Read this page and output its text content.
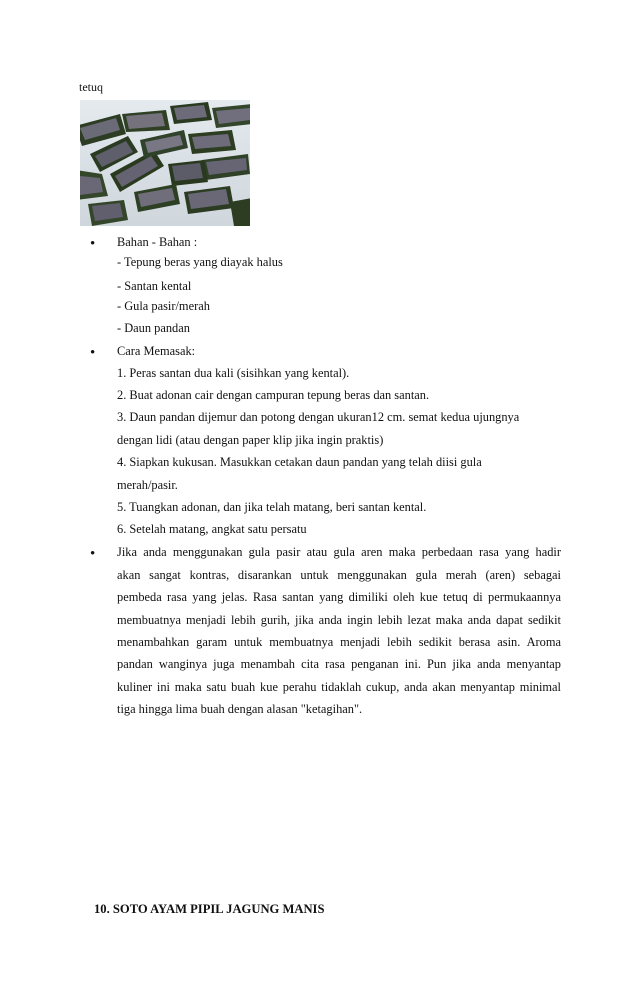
tetuq
• Bahan - Bahan :
- Tepung beras yang diayak halus
- Santan kental
- Gula pasir/merah
- Daun pandan
• Cara Memasak:
1. Peras santan dua kali (sisihkan yang kental).
2. Buat adonan cair dengan campuran tepung beras dan santan.
3. Daun pandan dijemur dan potong dengan ukuran12 cm. semat kedua ujungnya
dengan lidi (atau dengan paper klip jika ingin praktis)
4. Siapkan kukusan. Masukkan cetakan daun pandan yang telah diisi gula
merah/pasir.
5. Tuangkan adonan, dan jika telah matang, beri santan kental.
6. Setelah matang, angkat satu persatu
• Jika anda menggunakan gula pasir atau gula aren maka perbedaan rasa yang hadir
akan sangat kontras, disarankan untuk menggunakan gula merah (aren) sebagai
pembeda rasa yang jelas. Rasa santan yang dimiliki oleh kue tetuq di permukaannya
membuatnya menjadi lebih gurih, jika anda ingin lebih lezat maka anda dapat sedikit
menambahkan garam untuk membuatnya menjadi lebih sedikit berasa asin. Aroma
pandan wanginya juga menambah cita rasa penganan ini. Pun jika anda menyantap
kuliner ini maka satu buah kue perahu tidaklah cukup, anda akan menyantap minimal
tiga hingga lima buah dengan alasan "ketagihan".
10. SOTO AYAM PIPIL JAGUNG MANIS
